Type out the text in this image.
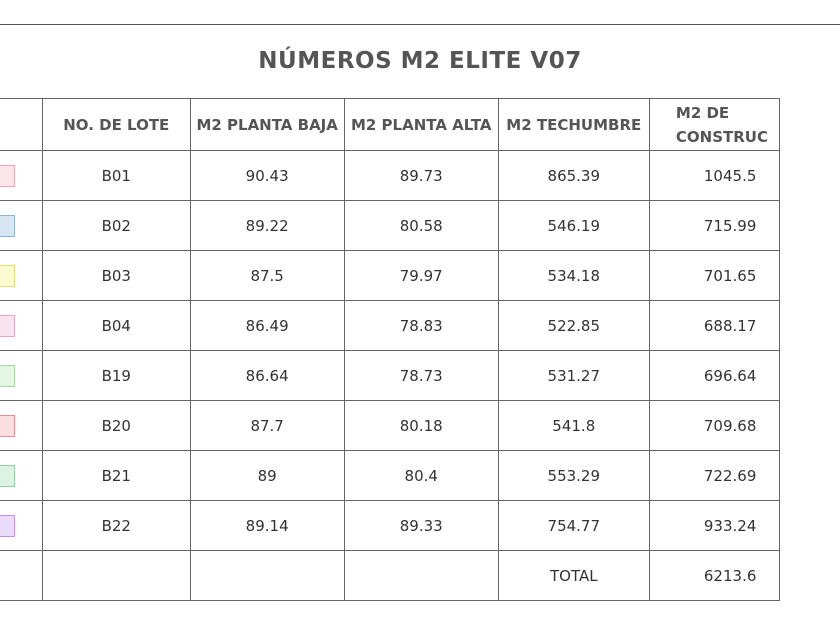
NÚMEROS M2 ELITE V07
	NO. DE LOTE	M2 PLANTA BAJA	M2 PLANTA ALTA	M2 TECHUMBRE	M2 DE
CONSTRUC
	B01	90.43	89.73	865.39	1045.5
	B02	89.22	80.58	546.19	715.99
	B03	87.5	79.97	534.18	701.65
	B04	86.49	78.83	522.85	688.17
	B19	86.64	78.73	531.27	696.64
	B20	87.7	80.18	541.8	709.68
	B21	89	80.4	553.29	722.69
	B22	89.14	89.33	754.77	933.24
				TOTAL	6213.6
